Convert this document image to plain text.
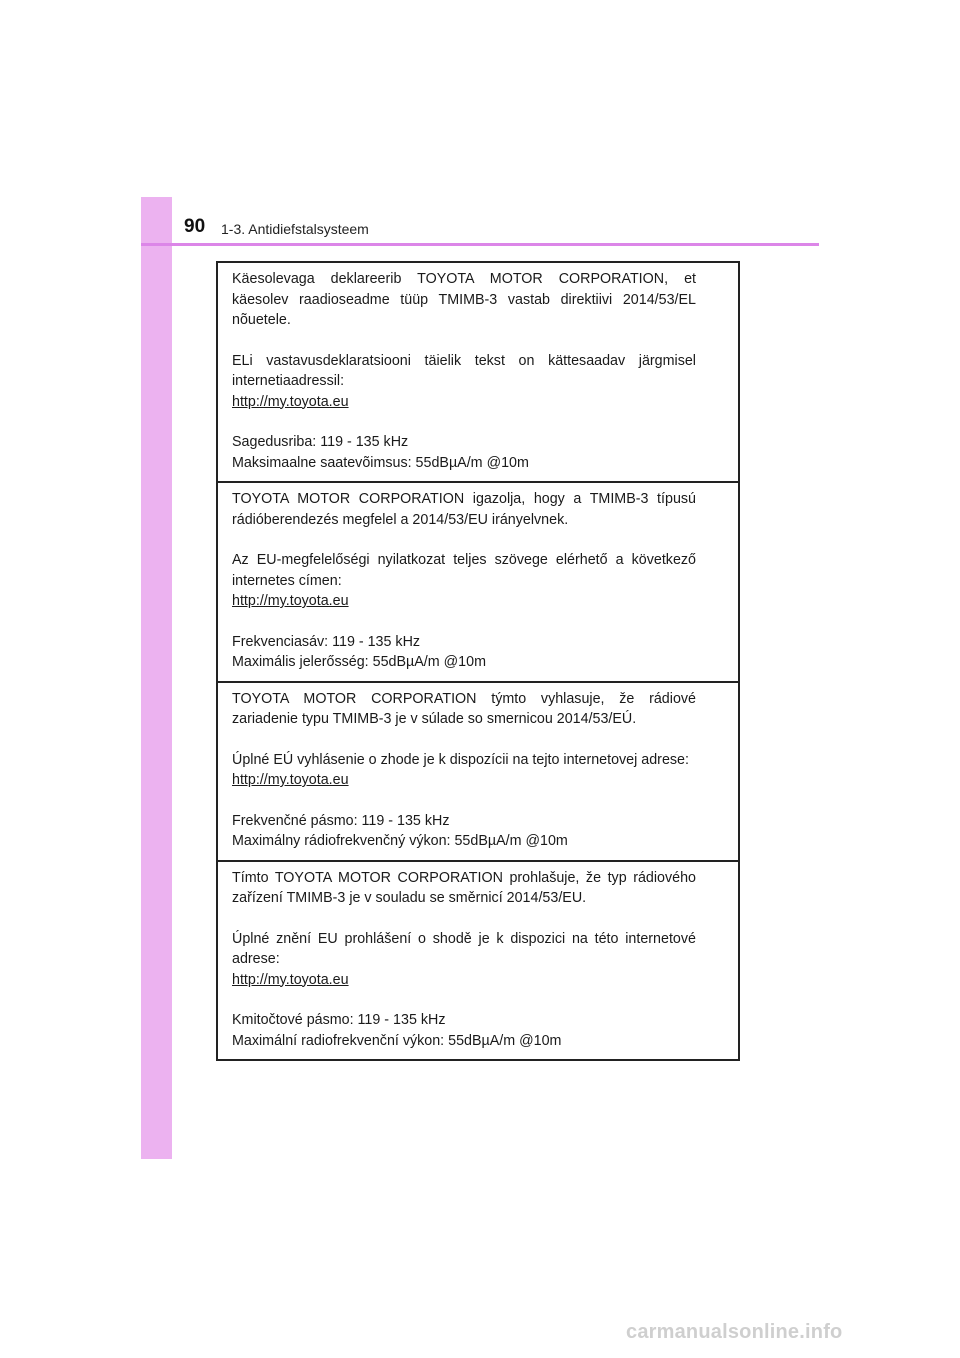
90 1-3. Antidiefstalsysteem

Käesolevaga deklareerib TOYOTA MOTOR CORPORATION, et käesolev raadioseadme tüüp TMIMB-3 vastab direktiivi 2014/53/EL nõuetele.

ELi vastavusdeklaratsiooni täielik tekst on kättesaadav järgmisel internetiaadressil:

http://my.toyota.eu

Sagedusriba: 119 - 135 kHz

Maksimaalne saatevõimsus: 55dBµA/m @10m

TOYOTA MOTOR CORPORATION igazolja, hogy a TMIMB-3 típusú rádióberendezés megfelel a 2014/53/EU irányelvnek.

Az EU-megfelelőségi nyilatkozat teljes szövege elérhető a következő internetes címen:

http://my.toyota.eu

Frekvenciasáv: 119 - 135 kHz

Maximális jelerősség: 55dBµA/m @10m

TOYOTA MOTOR CORPORATION týmto vyhlasuje, že rádiové zariadenie typu TMIMB-3 je v súlade so smernicou 2014/53/EÚ.

Úplné EÚ vyhlásenie o zhode je k dispozícii na tejto internetovej adrese:

http://my.toyota.eu

Frekvenčné pásmo: 119 - 135 kHz

Maximálny rádiofrekvenčný výkon: 55dBµA/m @10m

Tímto TOYOTA MOTOR CORPORATION prohlašuje, že typ rádiového zařízení TMIMB-3 je v souladu se směrnicí 2014/53/EU.

Úplné znění EU prohlášení o shodě je k dispozici na této internetové adrese:

http://my.toyota.eu

Kmitočtové pásmo: 119 - 135 kHz

Maximální radiofrekvenční výkon: 55dBµA/m @10m

carmanualsonline.info
